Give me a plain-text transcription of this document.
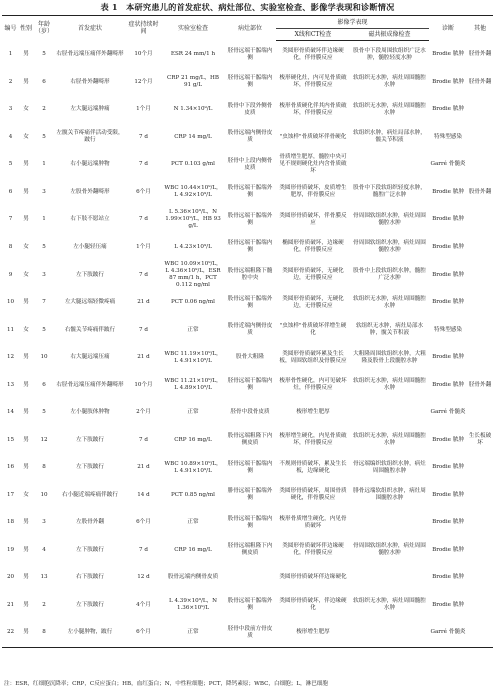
表 1　本研究患儿的首发症状、病灶部位、实验室检查、影像学表现和诊断情况
编号	性别	年龄（岁）	首发症状	症状持续时间	实验室检查	病灶部位	影像学表现		诊断	其他
							X线和CT检查	磁共振成像检查		
1	男	5	右胫骨远端压痛伴外翻畸形	10个月	ESR 24 mm/1 h	胫骨远端干骺端内侧	类圆形骨质破坏伴边缘硬化，伴骨膜反应	股骨中下段周围软组织广泛水肿，髓腔轻度水肿	Brodie 脓肿	胫骨外翻
2	男	6	右胫骨外翻畸形	12个月	CRP 21 mg/L，HB 91 g/L	胫骨远端干骺端内侧	梭形硬化灶，内可见骨质破坏，伴骨膜反应	软组织无水肿，病灶周围髓腔水肿	Brodie 脓肿	胫骨外翻
3	女	2	左大腿远端肿痛	1个月	N 1.34×10⁹/L	股骨中下段外侧骨皮质	梭形骨质硬化伴其内骨质破坏，伴骨膜反应	软组织无水肿，病灶周围髓腔水肿	Brodie 脓肿	
4	女	5	左髋关节疼痛伴活动受限，跛行	7 d	CRP 14 mg/L	股骨远端内侧骨皮质	"虫蚀样"骨质破坏伴骨硬化	软组织水肿，病灶局部水肿，髋关节积液	特殊型感染	
5	男	1	右小腿远端肿物	7 d	PCT 0.103 g/ml	胫骨中上段内侧骨皮质	骨质增生肥厚，髓腔中央可见不规则硬化灶内含骨质破坏		Garré 骨髓炎	
6	男	3	左股骨外翻畸形	6个月	WBC 10.44×10⁹/L，L 4.92×10⁹/L	股骨远端干骺端外侧	类圆形骨质破坏，皮质增生肥厚，伴骨膜反应	股骨中下段软组织轻度水肿，髓腔广泛水肿	Brodie 脓肿	股骨外翻
7	男	1	右下肢不愿站立	7 d	L 5.36×10⁹/L，N 1.99×10⁹/L，HB 93 g/L	股骨远端干骺端外侧	类圆形骨质破坏，伴骨膜反应	骨周围软组织水肿，病灶周围髓腔水肿	Brodie 脓肿	
8	女	5	左小腿轻压痛	1个月	L 4.23×10⁹/L	胫骨远端干骺端内侧	椭圆形骨质破坏，边缘硬化，伴骨膜反应	骨周围软组织水肿，病灶周围髓腔水肿	Brodie 脓肿	
9	女	3	左下肢跛行	7 d	WBC 10.09×10⁹/L，L 4.36×10⁹/L，ESR 87 mm/1 h，PCT 0.112 ng/ml	股骨远端粗隆下髓腔中央	类圆形骨质破坏，无硬化边，无骨膜反应	股骨中上段软组织水肿，髓腔广泛水肿	Brodie 脓肿	
10	男	7	左大腿远端轻微疼痛	21 d	PCT 0.06 ng/ml	股骨远端干骺端外侧	类圆形骨质破坏，无硬化边，无骨膜反应	软组织无水肿，病灶周围髓腔水肿	Brodie 脓肿	
11	女	5	右髋关节疼痛伴跛行	7 d	正常	股骨近端内侧骨皮质	"虫蚀样"骨质破坏伴增生硬化	软组织无水肿，病灶局部水肿，髋关节积液	特殊型感染	
12	男	10	右大腿远端压痛	21 d	WBC 11.19×10⁹/L，L 4.91×10⁹/L	股骨大粗隆	类圆形骨质破坏累及生长板，周围软组织及骨膜反应	大粗隆周围软组织水肿，大粗隆及股骨上段髓腔水肿	Brodie 脓肿	
13	男	6	右胫骨远端压痛伴外翻畸形	10个月	WBC 11.21×10⁹/L，L 4.89×10⁹/L	胫骨远端干骺端内侧	梭形骨性硬化，内可见破坏灶，伴骨膜反应	软组织无水肿，病灶周围髓腔水肿	Brodie 脓肿	胫骨外翻
14	男	5	左小腿肢体肿物	2个月	正常	胫骨中段骨皮质	梭形增生肥厚		Garré 骨髓炎	
15	男	12	左下肢跛行	7 d	CRP 16 mg/L	股骨远端粗隆下内侧皮质	梭形增生硬化，内见骨质破坏，伴骨膜反应	软组织无水肿，病灶周围髓腔水肿	Brodie 脓肿	生长板破坏
16	男	8	左下肢跛行	21 d	WBC 10.89×10⁹/L，L 4.91×10⁹/L	胫骨远端干骺端内侧	不规则骨质破坏，累及生长板，边缘硬化	骨远端编织软组织水肿，病灶周围髓腔水肿	Brodie 脓肿	
17	女	10	右小腿近端疼痛伴跛行	14 d	PCT 0.85 ng/ml	腓骨远端干骺端外侧	类圆形骨质破坏，周围骨质硬化，伴骨膜反应	腓骨远端软组织水肿，病灶周围髓腔水肿	Brodie 脓肿	
18	男	3	左股骨外翻	6个月	正常	股骨远端干骺端内侧	梭形骨质增生硬化，内见骨质破坏		Brodie 脓肿	
19	男	4	左下肢跛行	7 d	CRP 16 mg/L	胫骨远端粗隆下内侧皮质	类圆形骨质破坏伴边缘硬化，伴骨膜反应	骨周围软组织水肿，病灶周围髓腔水肿	Brodie 脓肿	
20	男	13	右下肢跛行	12 d	股骨远端内侧骨皮质		类圆形骨质破坏伴边缘硬化		Brodie 脓肿	
21	男	2	左下肢跛行	4个月	L 4.39×10⁹/L，N 1.36×10⁹/L	股骨远端干骺端外侧	类圆形骨质破坏，伴边缘硬化	软组织无水肿，病灶周围髓腔水肿	Brodie 脓肿	
22	男	8	左小腿肿物，跛行	6个月	正常	胫骨中段前方骨皮质	梭形增生肥厚		Garré 骨髓炎	
注：ESR，红细胞沉降率；CRP，C反应蛋白；HB，血红蛋白；N，中性粒细胞；PCT，降钙素原；WBC，白细胞；L，淋巴细胞
